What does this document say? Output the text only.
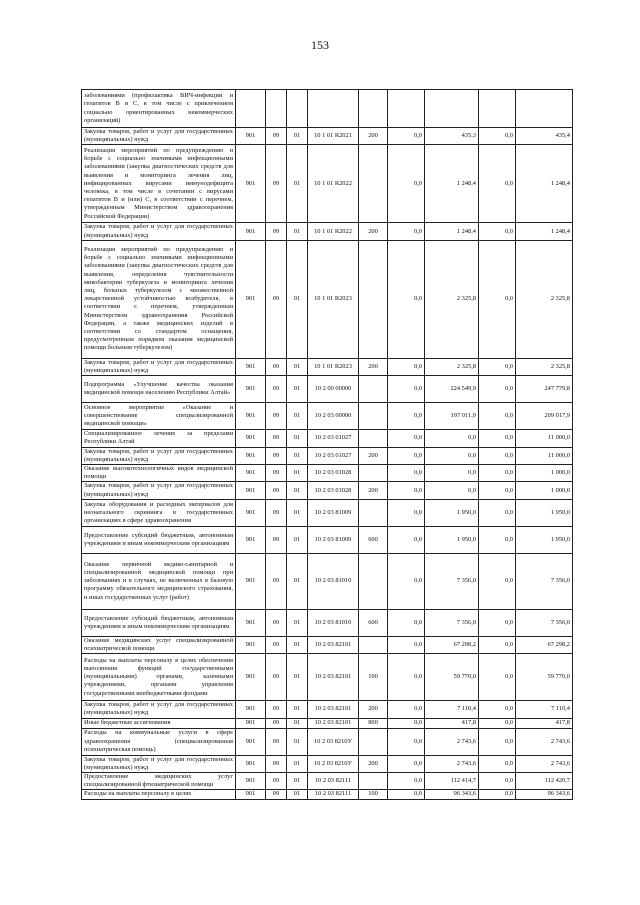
153
заболеваниями (профилактика ВИЧ-инфекции и гепатитов В и С, в том числе с привлечением социально ориентированных некоммерческих организаций)									
Закупка товаров, работ и услуг для государственных (муниципальных) нужд	901	09	01	10 1 01 R2021	200	0,0	435,3	0,0	435,4
Реализация мероприятий по предупреждению и борьбе с социально значимыми инфекционными заболеваниями (закупка диагностических средств для выявления и мониторинга лечения лиц, инфицированных вирусами иммунодефицита человека, в том числе в сочетании с вирусами гепатитов В и (или) С, в соответствии с перечнем, утвержденным Министерством здравоохранения Российской Федерации)	901	09	01	10 1 01 R2022		0,0	1 248,4	0,0	1 248,4
Закупка товаров, работ и услуг для государственных (муниципальных) нужд	901	09	01	10 1 01 R2022	200	0,0	1 248,4	0,0	1 248,4
Реализация мероприятий по предупреждению и борьбе с социально значимыми инфекционными заболеваниями (закупка диагностических средств для выявления, определения чувствительности микобактерии туберкулеза и мониторинга лечения лиц, больных туберкулезом с множественной лекарственной устойчивостью возбудителя, в соответствии с перечнем, утвержденным Министерством здравоохранения Российской Федерации, а также медицинских изделий в соответствии со стандартом оснащения, предусмотренным порядком оказания медицинской помощи больным туберкулезом)	901	09	01	10 1 01 R2023		0,0	2 325,8	0,0	2 325,8
Закупка товаров, работ и услуг для государственных (муниципальных) нужд	901	09	01	10 1 01 R2023	200	0,0	2 325,8	0,0	2 325,8
Подпрограмма «Улучшение качества оказания медицинской помощи населению Республики Алтай»	901	09	01	10 2 00 00000		0,0	224 549,9	0,0	247 779,8
Основное мероприятие «Оказание и совершенствование специализированной медицинской помощи»	901	09	01	10 2 03 00000		0,0	197 011,9	0,0	209 017,9
Специализированное лечение за пределами Республики Алтай	901	09	01	10 2 03 01027		0,0	0,0	0,0	11 000,0
Закупка товаров, работ и услуг для государственных (муниципальных) нужд	901	09	01	10 2 03 01027	200	0,0	0,0	0,0	11 000,0
Оказание высокотехнологичных видов медицинской помощи	901	09	01	10 2 03 01028		0,0	0,0	0,0	1 000,0
Закупка товаров, работ и услуг для государственных (муниципальных) нужд	901	09	01	10 2 03 01028	200	0,0	0,0	0,0	1 000,0
Закупка оборудования и расходных материалов для неонатального скрининга в государственных организациях в сфере здравоохранения	901	09	01	10 2 03 81009		0,0	1 950,0	0,0	1 950,0
Предоставление субсидий бюджетным, автономным учреждениям и иным некоммерческим организациям	901	09	01	10 2 03 81009	600	0,0	1 950,0	0,0	1 950,0
Оказание первичной медико-санитарной и специализированной медицинской помощи при заболеваниях и в случаях, не включенных в базовую программу обязательного медицинского страхования, и иных государственных услуг (работ)	901	09	01	10 2 03 81010		0,0	7 356,0	0,0	7 356,0
Предоставление субсидий бюджетным, автономным учреждениям и иным некоммерческим организациям	901	09	01	10 2 03 81010	600	0,0	7 356,0	0,0	7 356,0
Оказание медицинских услуг специализированной психиатрической помощи	901	09	01	10 2 03 82101		0,0	67 298,2	0,0	67 298,2
Расходы на выплаты персоналу в целях обеспечения выполнения функций государственными (муниципальными) органами, казенными учреждениями, органами управления государственными внебюджетными фондами	901	09	01	10 2 03 82101	100	0,0	59 770,0	0,0	59 770,0
Закупка товаров, работ и услуг для государственных (муниципальных) нужд	901	09	01	10 2 03 82101	200	0,0	7 110,4	0,0	7 110,4
Иные бюджетные ассигнования	901	09	01	10 2 03 82101	800	0,0	417,8	0,0	417,8
Расходы на коммунальные услуги в сфере здравоохранения (специализированная психиатрическая помощь)	901	09	01	10 2 03 8210У		0,0	2 743,6	0,0	2 743,6
Закупка товаров, работ и услуг для государственных (муниципальных) нужд	901	09	01	10 2 03 8210У	200	0,0	2 743,6	0,0	2 743,6
Предоставление медицинских услуг специализированной фтизиатрической помощи	901	09	01	10 2 03 82111		0,0	112 414,7	0,0	112 420,7
Расходы на выплаты персоналу в целях	901	09	01	10 2 03 82111	100	0,0	96 343,6	0,0	96 343,6
